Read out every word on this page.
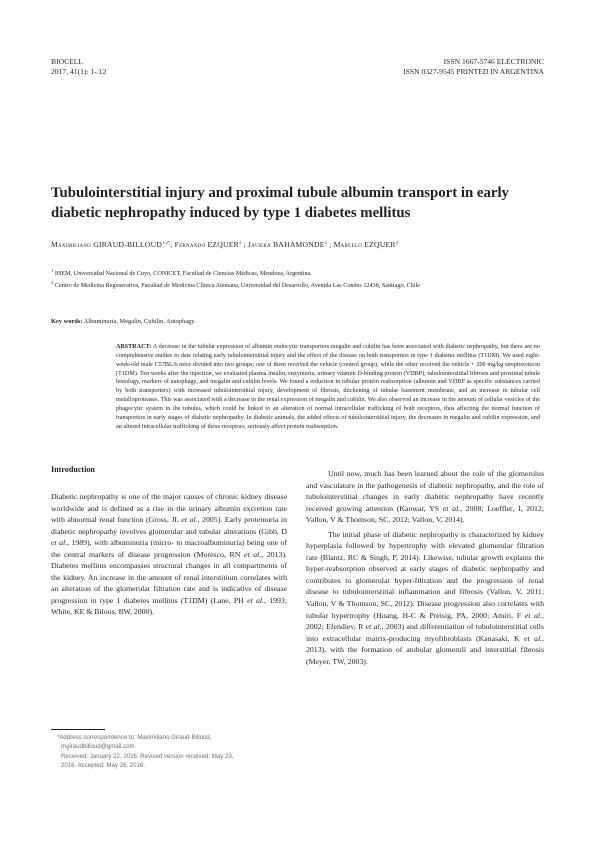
BIOCELL
2017, 41(1): 1-.12
ISSN 1667-5746 ELECTRONIC
ISSN 0327-9545 PRINTED IN ARGENTINA
Tubulointerstitial injury and proximal tubule albumin transport in early diabetic nephropathy induced by type 1 diabetes mellitus
Maximiliano GIRAUD-$BILLOUD^{1,2*}$; Fernando EZQUER$^2$ ; Javiera BAHAMONDE$^2$ ; Marcelo EZQUER$^2$
$^1$ IHEM, Universidad Nacional de Cuyo, CONICET, Facultad de Ciencias Médicas, Mendoza, Argentina.
$^2$ Centro de Medicina Regenerativa, Facultad de Medicina Clínica Alemana, Universidad del Desarrollo, Avenida Las Condes 12438, Santiago, Chile
Key words: Albuminuria, Megalin, Cubilin, Autophagy.

ABSTRACT: A decrease in the tubular expression of albumin endocytic transporters megalin and cubilin has been associated with diabetic nephropathy, but there are no comprehensive studies to date relating early tubulointerstitial injury and the effect of the disease on both transporters in type 1 diabetes mellitus (T1DM). We used eight-week-old male C57BL/6 mice divided into two groups; one of them received the vehicle (control group), while the other received the vehicle + 200 mg/kg streptozotocin (T1DM). Ten weeks after the injection, we evaluated plasma insulin, enzymuria, urinary vitamin D-binding protein (VDBP), tubulointerstitial fibrosis and proximal tubule histology, markers of autophagy, and megalin and cubilin levels. We found a reduction in tubular protein reabsorption (albumin and VDBP as specific substances carried by both transporters) with increased tubulointerstitial injury, development of fibrosis, thickening of tubular basement membrane, and an increase in tubular cell metalloproteases. This was associated with a decrease in the renal expression of megalin and cubilin. We also observed an increase in the amount of cellular vesicles of the phagocytic system in the tubules, which could be linked to an alteration of normal intracellular trafficking of both receptors, thus affecting the normal function of transporters in early stages of diabetic nephropathy. In diabetic animals, the added effects of tubulointerstitial injury, the decreases in megalin and cubilin expression, and an altered intracellular trafficking of these receptors, seriously affect protein reabsorption.

Introduction

Diabetic nephropathy is one of the major causes of chronic kidney disease worldwide and is defined as a rise in the urinary albumin excretion rate with abnormal renal function (Gross, JL et al., 2005). Early proteinuria in diabetic nephropathy involves glomerular and tubular alterations (Gibb, D et al., 1989), with albuminuria (micro- to macroalbuminuria) being one of the central markers of disease progression (Moresco, RN et al., 2013). Diabetes mellitus encompasses structural changes in all compartments of the kidney. An increase in the amount of renal interstitium correlates with an alteration of the glomerular filtration rate and is indicative of disease progression in type 1 diabetes mellitus (T1DM) (Lane, PH et al., 1993; White, KE & Bilous, RW, 2000).

Until now, much has been learned about the role of the glomerulus and vasculature in the pathogenesis of diabetic nephropathy, and the role of tubulointerstitial changes in early diabetic nephropathy have recently received growing attention (Kanwar, YS et al., 2008; Loeffler, I, 2012; Vallon, V & Thomson, SC, 2012; Vallon, V, 2014).

The initial phase of diabetic nephropathy is characterized by kidney hyperplasia followed by hypertrophy with elevated glomerular filtration rate (Blantz, RC & Singh, P, 2014). Likewise, tubular growth explains the hyper-reabsorption observed at early stages of diabetic nephropathy and contributes to glomerular hyper-filtration and the progression of renal disease to tubulointerstitial inflammation and fibrosis (Vallon, V, 2011; Vallon, V & Thomson, SC, 2012). Disease progression also correlates with tubular hypertrophy (Huang, H-C & Preisig, PA, 2000; Amiri, F et al., 2002; Efendiev, R et al., 2003) and differentiation of tubulointerstitial cells into extracellular matrix-producing myofibroblasts (Kanasaki, K et al., 2013), with the formation of atubular glomeruli and interstitial fibrosis (Meyer, TW, 2003).

*Address correspondence to: Maximiliano Giraud-Billoud,
mgiraudbilloud@gmail.com
Received: January 22, 2016. Revised version received: May 23,
2016. Accepted: May 26, 2016.
